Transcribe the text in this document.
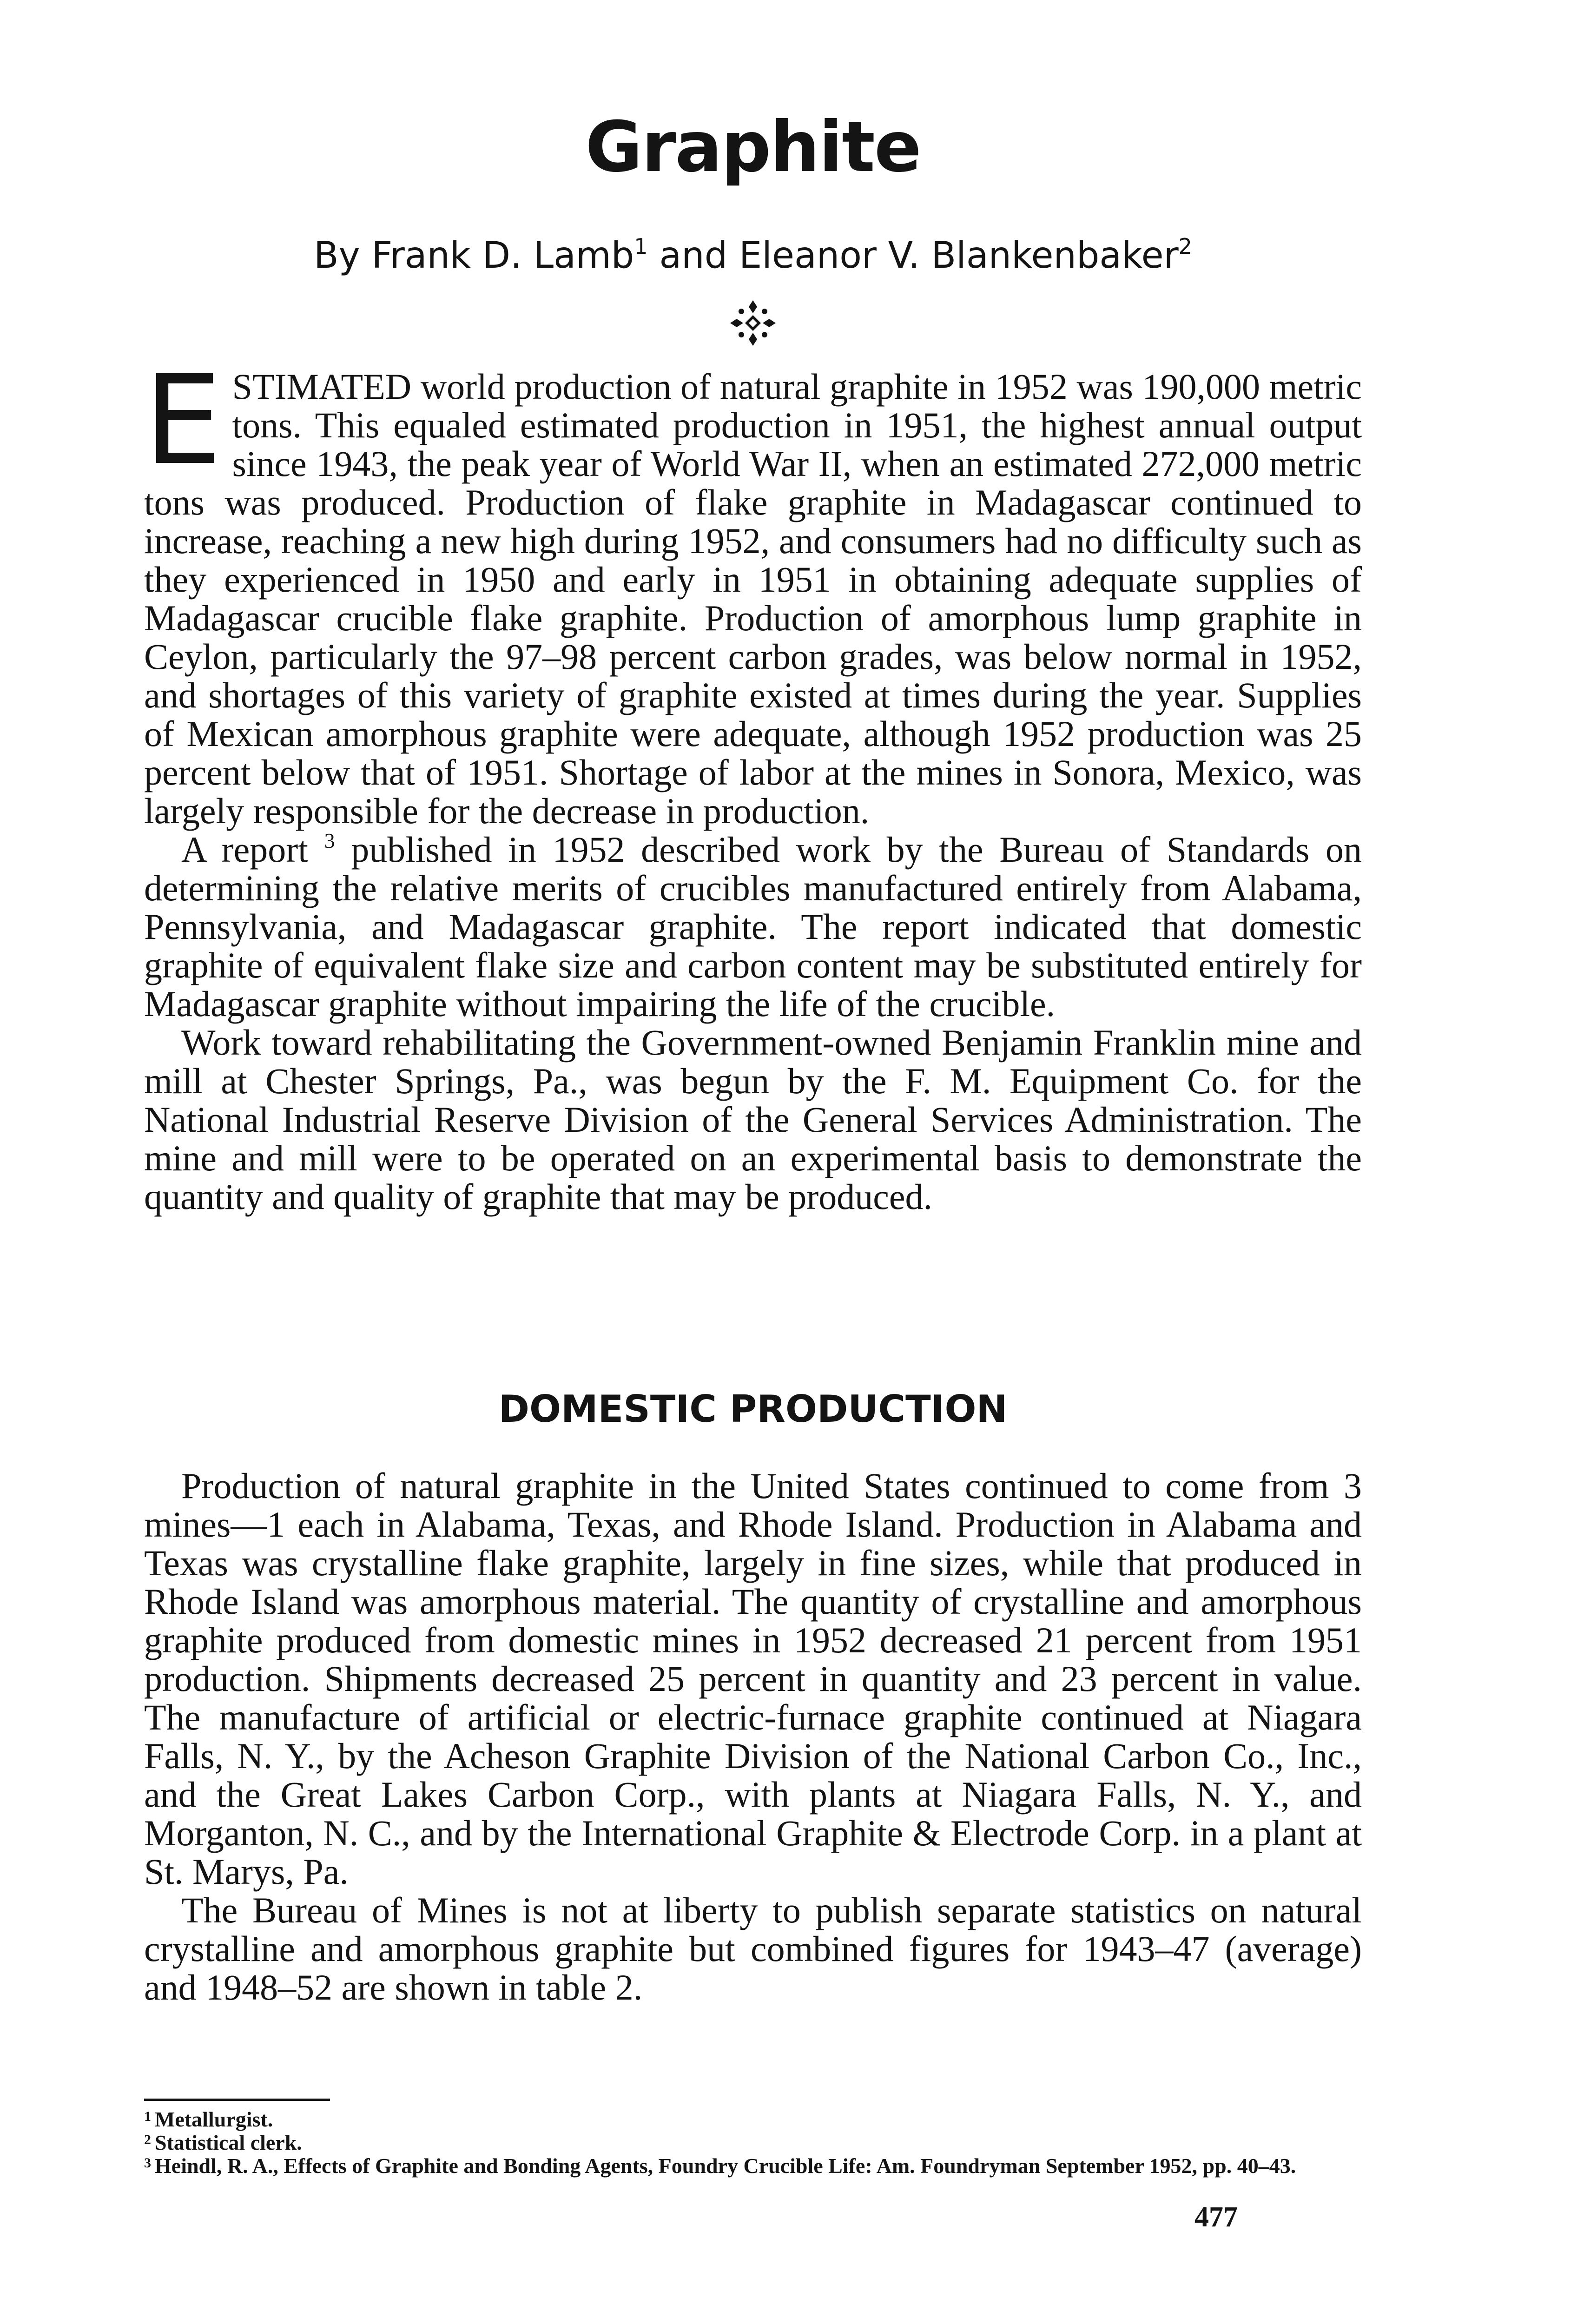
Graphite
By Frank D. Lamb$^1$ and Eleanor V. Blankenbaker$^2$

ESTIMATED world production of natural graphite in 1952 was 190,000 metric tons. This equaled estimated production in 1951, the highest annual output since 1943, the peak year of World War II, when an estimated 272,000 metric tons was produced. Production of flake graphite in Madagascar continued to increase, reaching a new high during 1952, and consumers had no difficulty such as they experienced in 1950 and early in 1951 in obtaining adequate supplies of Madagascar crucible flake graphite. Production of amorphous lump graphite in Ceylon, particularly the 97–98 percent carbon grades, was below normal in 1952, and shortages of this variety of graphite existed at times during the year. Supplies of Mexican amorphous graphite were adequate, although 1952 production was 25 percent below that of 1951. Shortage of labor at the mines in Sonora, Mexico, was largely responsible for the decrease in production.

A report $^3$ published in 1952 described work by the Bureau of Standards on determining the relative merits of crucibles manufactured entirely from Alabama, Pennsylvania, and Madagascar graphite. The report indicated that domestic graphite of equivalent flake size and carbon content may be substituted entirely for Madagascar graphite without impairing the life of the crucible.

Work toward rehabilitating the Government-owned Benjamin Franklin mine and mill at Chester Springs, Pa., was begun by the F. M. Equipment Co. for the National Industrial Reserve Division of the General Services Administration. The mine and mill were to be operated on an experimental basis to demonstrate the quantity and quality of graphite that may be produced.

DOMESTIC PRODUCTION

Production of natural graphite in the United States continued to come from 3 mines—1 each in Alabama, Texas, and Rhode Island. Production in Alabama and Texas was crystalline flake graphite, largely in fine sizes, while that produced in Rhode Island was amorphous material. The quantity of crystalline and amorphous graphite produced from domestic mines in 1952 decreased 21 percent from 1951 production. Shipments decreased 25 percent in quantity and 23 percent in value. The manufacture of artificial or electric-furnace graphite continued at Niagara Falls, N. Y., by the Acheson Graphite Division of the National Carbon Co., Inc., and the Great Lakes Carbon Corp., with plants at Niagara Falls, N. Y., and Morganton, N. C., and by the International Graphite & Electrode Corp. in a plant at St. Marys, Pa.

The Bureau of Mines is not at liberty to publish separate statistics on natural crystalline and amorphous graphite but combined figures for 1943–47 (average) and 1948–52 are shown in table 2.

$^1$ Metallurgist.
$^2$ Statistical clerk.
$^3$ Heindl, R. A., Effects of Graphite and Bonding Agents, Foundry Crucible Life: Am. Foundryman September 1952, pp. 40–43.
477
